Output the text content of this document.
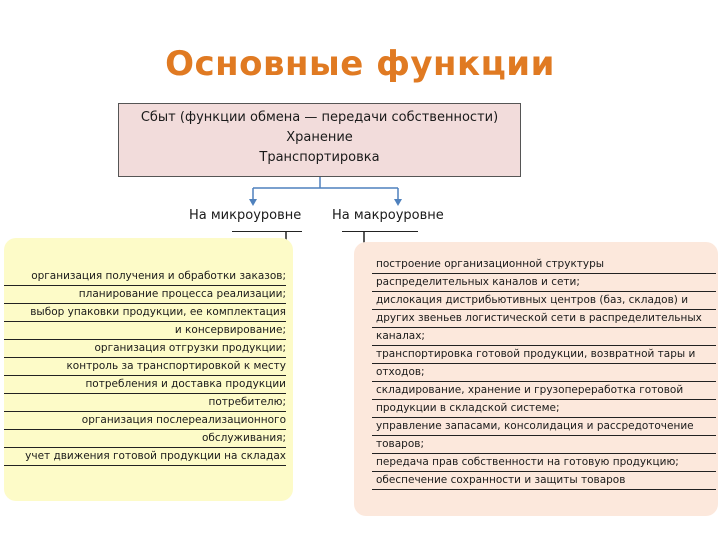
Основные функции
Сбыт (функции обмена — передачи собственности)
Хранение
Транспортировка
На микроуровне На макроуровне
организация получения и обработки заказов;
планирование процесса реализации;
выбор упаковки продукции, ее комплектация
и консервирование;
организация отгрузки продукции;
контроль за транспортировкой к месту
потребления и доставка продукции
потребителю;
организация послереализационного
обслуживания;
учет движения готовой продукции на складах
построение организационной структуры
распределительных каналов и сети;
дислокация дистрибьютивных центров (баз, складов) и
других звеньев логистической сети в распределительных
каналах;
транспортировка готовой продукции, возвратной тары и
отходов;
складирование, хранение и грузопереработка готовой
продукции в складской системе;
управление запасами, консолидация и рассредоточение
товаров;
передача прав собственности на готовую продукцию;
обеспечение сохранности и защиты товаров
